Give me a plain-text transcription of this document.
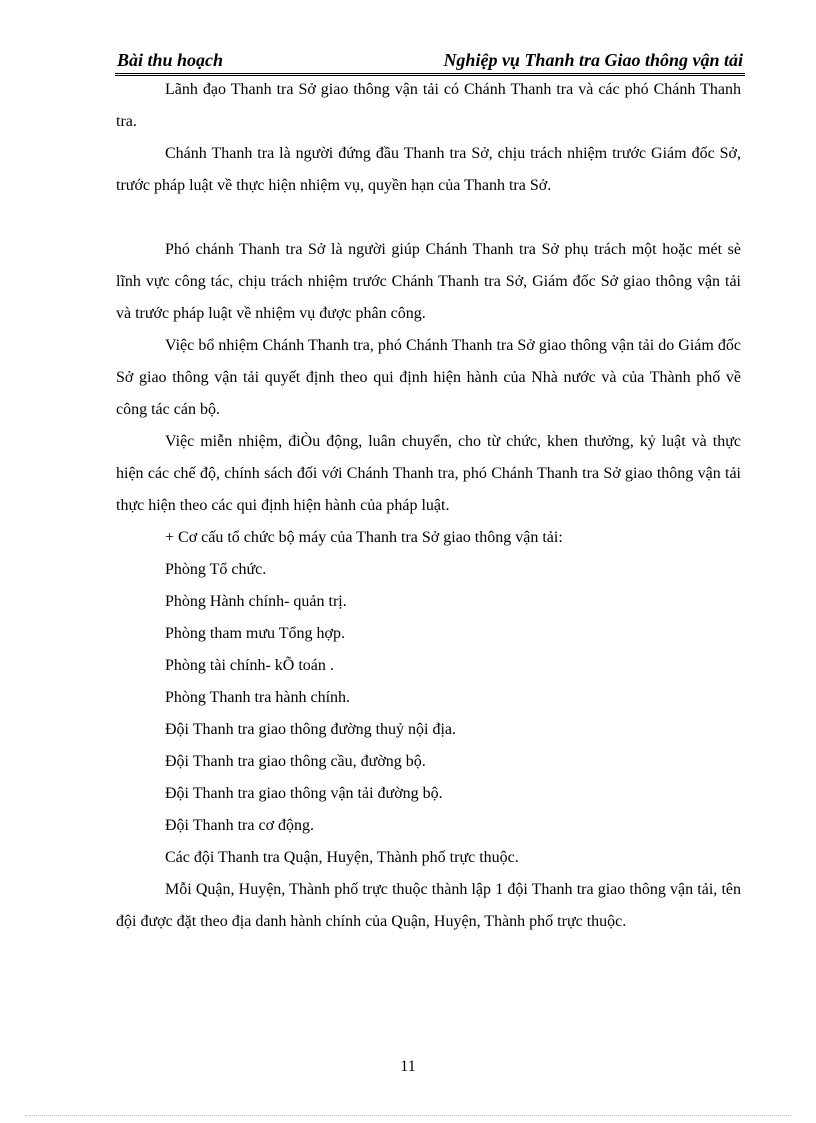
Bài thu hoạch	Nghiệp vụ Thanh tra Giao thông vận tải

Lãnh đạo Thanh tra Sở giao thông vận tải có Chánh Thanh tra và các phó Chánh Thanh tra.

Chánh Thanh tra là người đứng đầu Thanh tra Sở, chịu trách nhiệm trước Giám đốc Sở, trước pháp luật về thực hiện nhiệm vụ, quyền hạn của Thanh tra Sở.

Phó chánh Thanh tra Sở là người giúp Chánh Thanh tra Sở phụ trách một hoặc mét sè lĩnh vực công tác, chịu trách nhiệm trước Chánh Thanh tra Sở, Giám đốc Sở giao thông vận tải và trước pháp luật về nhiệm vụ được phân công.

Việc bổ nhiệm Chánh Thanh tra, phó Chánh Thanh tra Sở giao thông vận tải do Giám đốc Sở giao thông vận tải quyết định theo qui định hiện hành của Nhà nước và của Thành phố về công tác cán bộ.

Việc miễn nhiệm, điÒu động, luân chuyển, cho từ chức, khen thưởng, kỷ luật và thực hiện các chế độ, chính sách đối với Chánh Thanh tra, phó Chánh Thanh tra Sở giao thông vận tải thực hiện theo các qui định hiện hành của pháp luật.

+ Cơ cấu tổ chức bộ máy của Thanh tra Sở giao thông vận tải:

Phòng Tổ chức.

Phòng Hành chính- quản trị.

Phòng tham mưu Tổng hợp.

Phòng tài chính- kÕ toán .

Phòng Thanh tra hành chính.

Đội Thanh tra giao thông đường thuỷ nội địa.

Đội Thanh tra giao thông cầu, đường bộ.

Đội Thanh tra giao thông vận tải đường bộ.

Đội Thanh tra cơ động.

Các đội Thanh tra Quận, Huyện, Thành phố trực thuộc.

Mỗi Quận, Huyện, Thành phố trực thuộc thành lập 1 đội Thanh tra giao thông vận tải, tên đội được đặt theo địa danh hành chính của Quận, Huyện, Thành phố trực thuộc.

11
